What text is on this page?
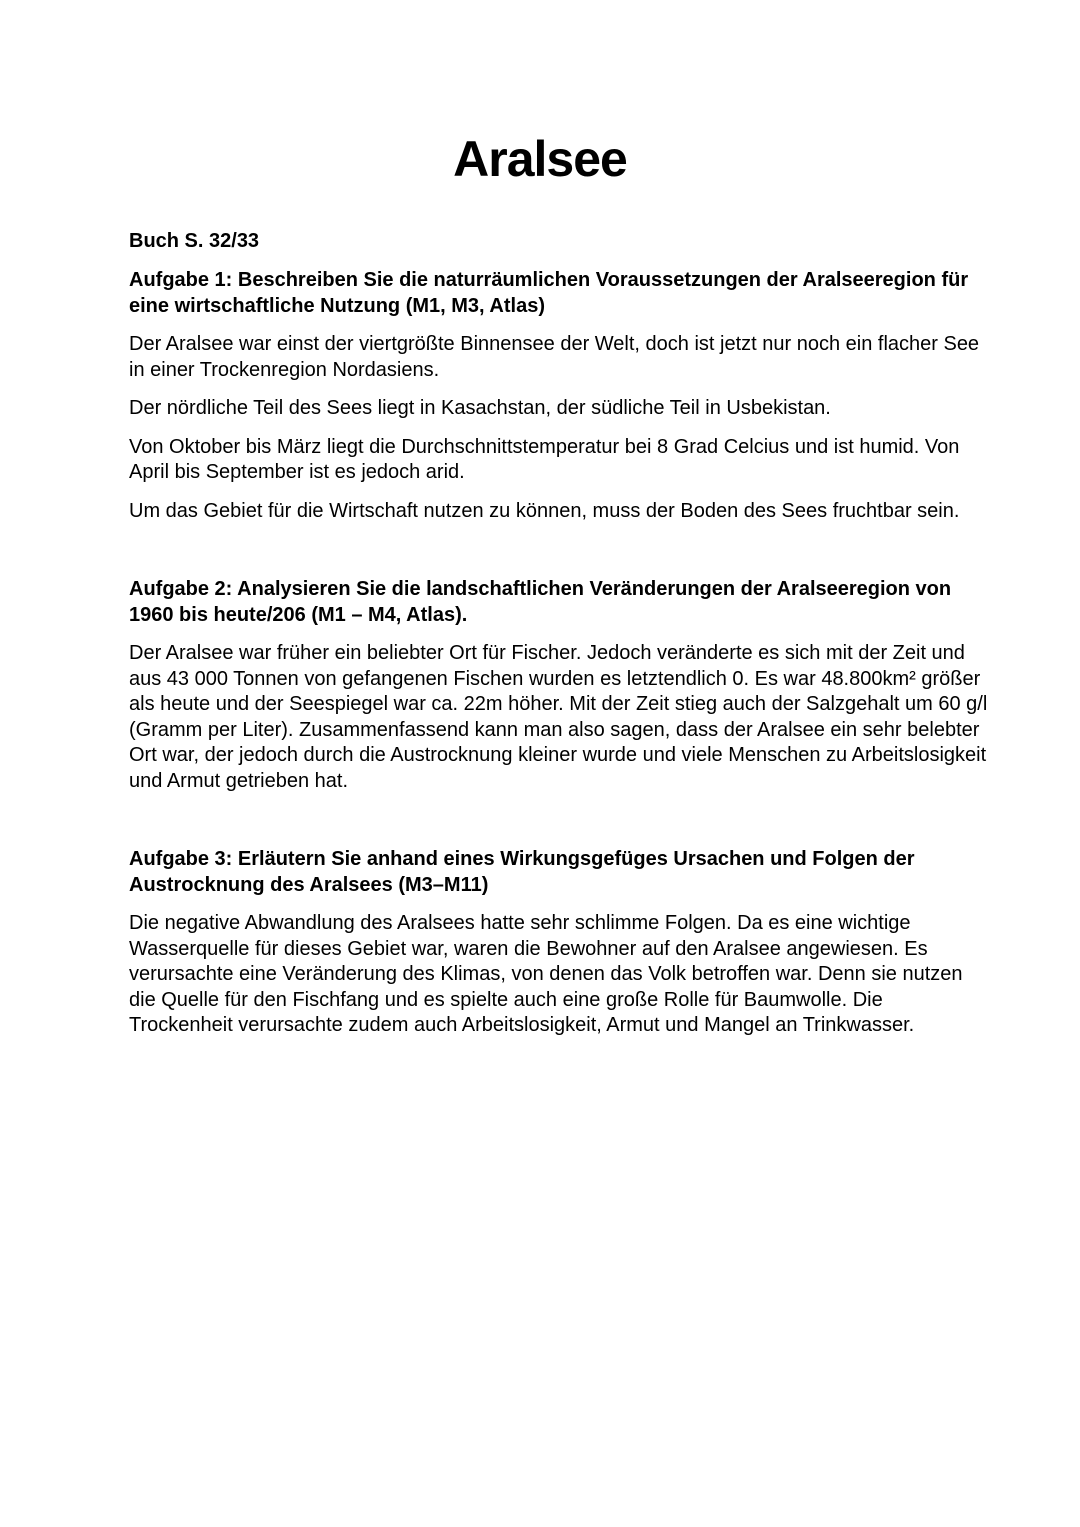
Aralsee

Buch S. 32/33

Aufgabe 1: Beschreiben Sie die naturräumlichen Voraussetzungen der Aralseeregion für eine wirtschaftliche Nutzung (M1, M3, Atlas)

Der Aralsee war einst der viertgrößte Binnensee der Welt, doch ist jetzt nur noch ein flacher See in einer Trockenregion Nordasiens.

Der nördliche Teil des Sees liegt in Kasachstan, der südliche Teil in Usbekistan.

Von Oktober bis März liegt die Durchschnittstemperatur bei 8 Grad Celcius und ist humid. Von April bis September ist es jedoch arid.

Um das Gebiet für die Wirtschaft nutzen zu können, muss der Boden des Sees fruchtbar sein.

Aufgabe 2: Analysieren Sie die landschaftlichen Veränderungen der Aralseeregion von 1960 bis heute/206 (M1 – M4, Atlas).

Der Aralsee war früher ein beliebter Ort für Fischer. Jedoch veränderte es sich mit der Zeit und aus 43 000 Tonnen von gefangenen Fischen wurden es letztendlich 0. Es war 48.800km² größer als heute und der Seespiegel war ca. 22m höher. Mit der Zeit stieg auch der Salzgehalt um 60 g/l (Gramm per Liter). Zusammenfassend kann man also sagen, dass der Aralsee ein sehr belebter Ort war, der jedoch durch die Austrocknung kleiner wurde und viele Menschen zu Arbeitslosigkeit und Armut getrieben hat.

Aufgabe 3: Erläutern Sie anhand eines Wirkungsgefüges Ursachen und Folgen der Austrocknung des Aralsees (M3–M11)

Die negative Abwandlung des Aralsees hatte sehr schlimme Folgen. Da es eine wichtige Wasserquelle für dieses Gebiet war, waren die Bewohner auf den Aralsee angewiesen. Es verursachte eine Veränderung des Klimas, von denen das Volk betroffen war. Denn sie nutzen die Quelle für den Fischfang und es spielte auch eine große Rolle für Baumwolle. Die Trockenheit verursachte zudem auch Arbeitslosigkeit, Armut und Mangel an Trinkwasser.
